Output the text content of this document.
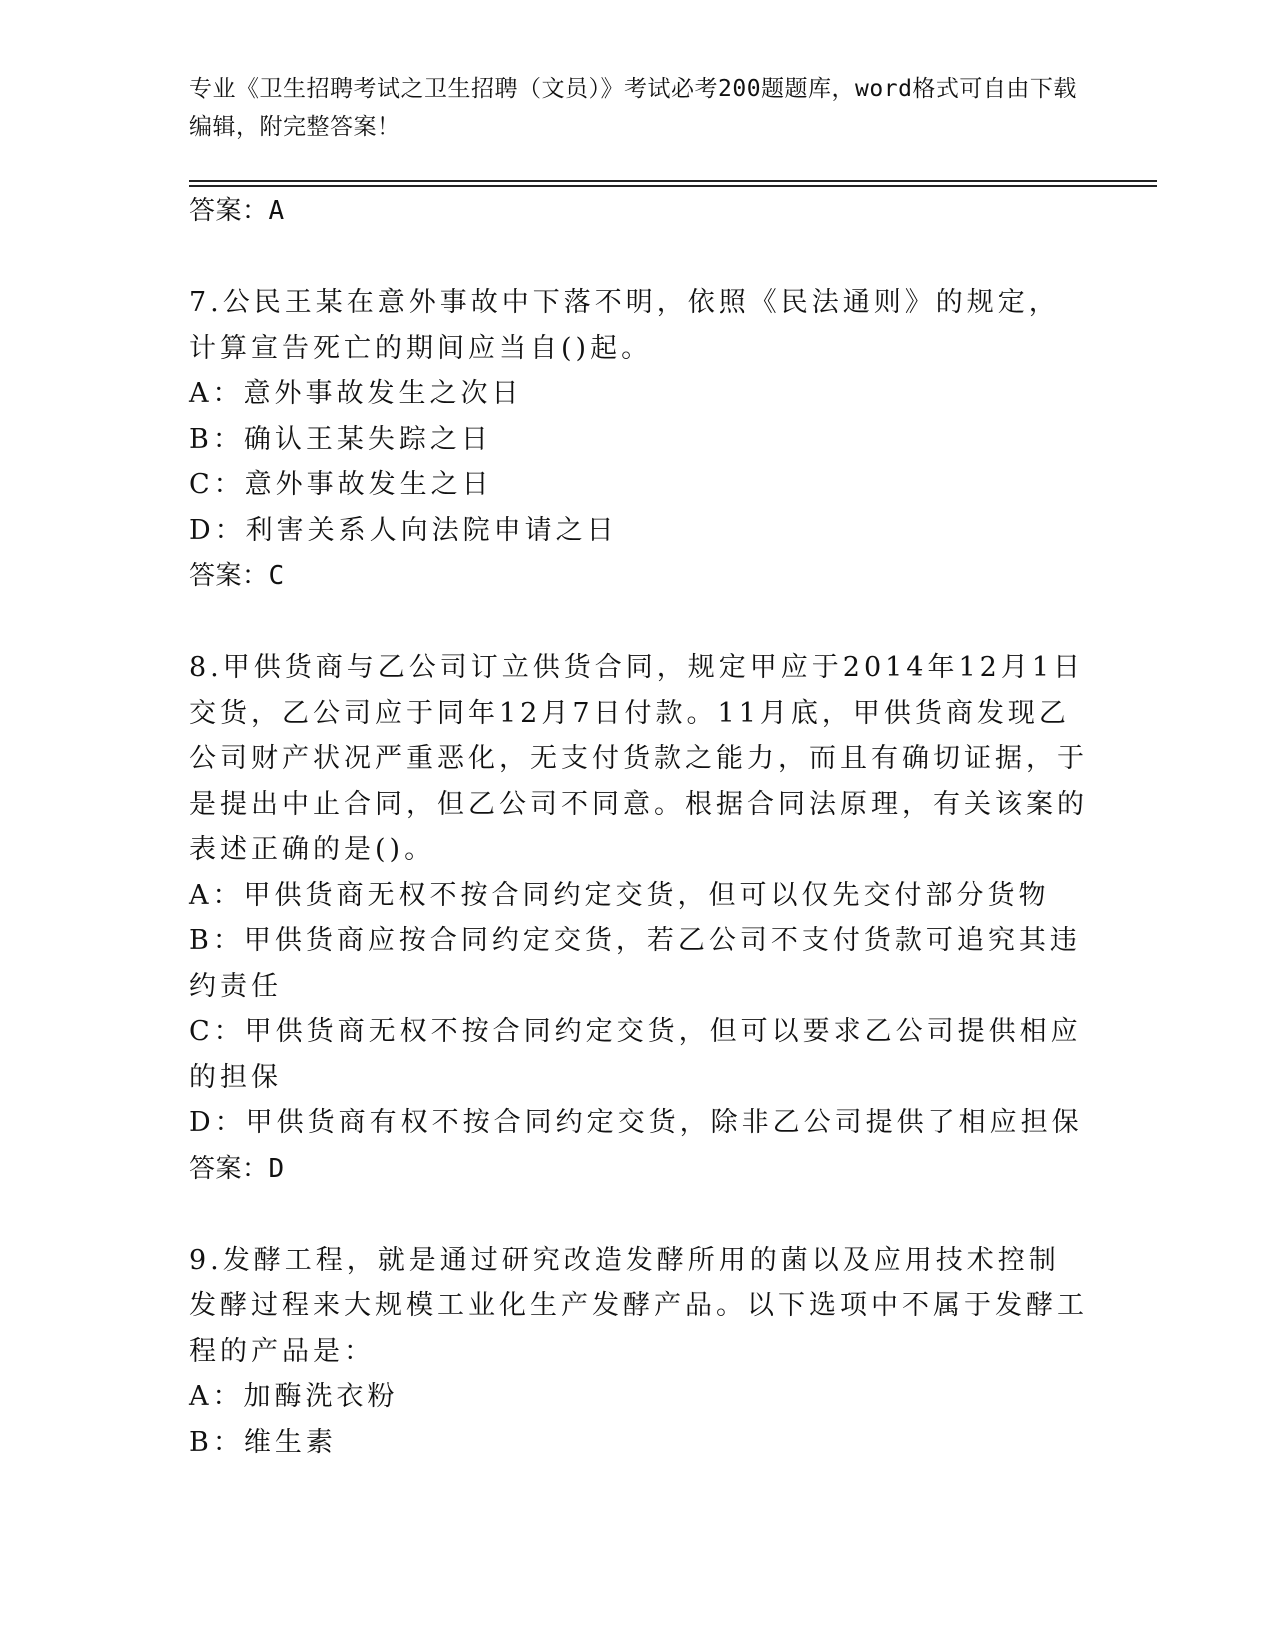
专业《卫生招聘考试之卫生招聘（文员）》考试必考200题题库，word格式可自由下载编辑，附完整答案！
答案：A
7.公民王某在意外事故中下落不明，依照《民法通则》的规定，计算宣告死亡的期间应当自()起。
A：意外事故发生之次日
B：确认王某失踪之日
C：意外事故发生之日
D：利害关系人向法院申请之日
答案：C
8.甲供货商与乙公司订立供货合同，规定甲应于2014年12月1日交货，乙公司应于同年12月7日付款。11月底，甲供货商发现乙公司财产状况严重恶化，无支付货款之能力，而且有确切证据，于是提出中止合同，但乙公司不同意。根据合同法原理，有关该案的表述正确的是()。
A：甲供货商无权不按合同约定交货，但可以仅先交付部分货物
B：甲供货商应按合同约定交货，若乙公司不支付货款可追究其违约责任
C：甲供货商无权不按合同约定交货，但可以要求乙公司提供相应的担保
D：甲供货商有权不按合同约定交货，除非乙公司提供了相应担保
答案：D
9.发酵工程，就是通过研究改造发酵所用的菌以及应用技术控制发酵过程来大规模工业化生产发酵产品。以下选项中不属于发酵工程的产品是：
A：加酶洗衣粉
B：维生素
